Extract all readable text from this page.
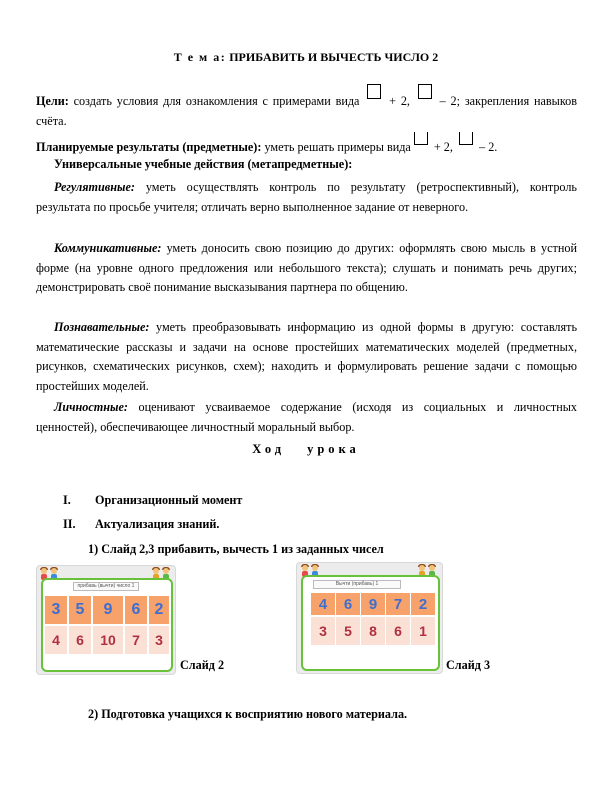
Т е м а: ПРИБАВИТЬ И ВЫЧЕСТЬ ЧИСЛО 2
Цели: создать условия для ознакомления с примерами вида + 2, – 2; закрепления навыков счёта.
Планируемые результаты (предметные): уметь решать примеры вида + 2, – 2.
Универсальные учебные действия (метапредметные):
Регулятивные: уметь осуществлять контроль по результату (ретроспективный), контроль результата по просьбе учителя; отличать верно выполненное задание от неверного.
Коммуникативные: уметь доносить свою позицию до других: оформлять свою мысль в устной форме (на уровне одного предложения или небольшого текста); слушать и понимать речь других; демонстрировать своё понимание высказывания партнера по общению.
Познавательные: уметь преобразовывать информацию из одной формы в другую: составлять математические рассказы и задачи на основе простейших математических моделей (предметных, рисунков, схематических рисунков, схем); находить и формулировать решение задачи с помощью простейших моделей.
Личностные: оценивают усваиваемое содержание (исходя из социальных и личностных ценностей), обеспечивающее личностный моральный выбор.
Ход урока
I. Организационный момент
II. Актуализация знаний.
1) Слайд 2,3 прибавить, вычесть 1 из заданных чисел
прибавь (вычти) число 1
3 5	9	6 2
4	6	10	7	3
Слайд 2
Вычти (прибавь) 1
4	6	9	7	2
3	5	8	6	1
Слайд 3
2) Подготовка учащихся к восприятию нового материала.
